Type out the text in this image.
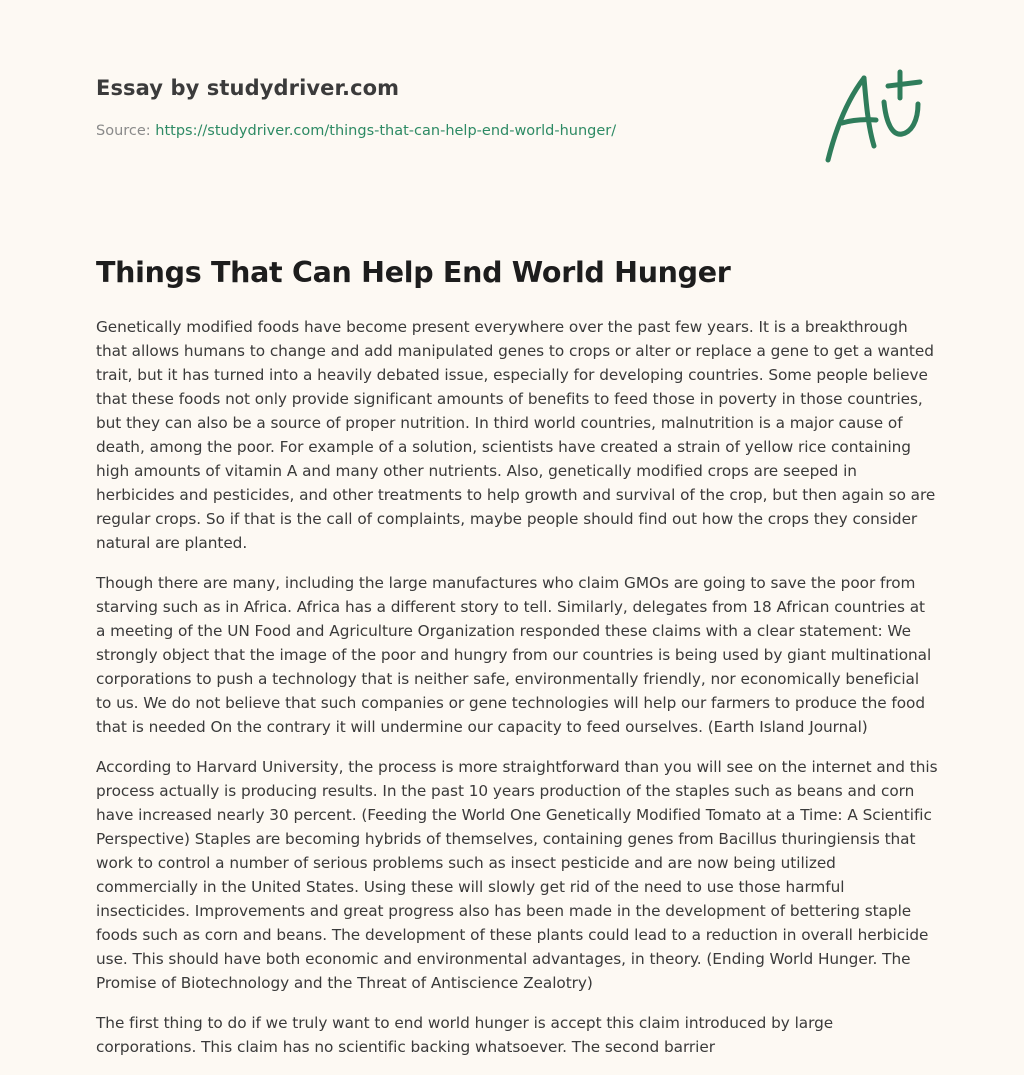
Essay by studydriver.com
Source: https://studydriver.com/things-that-can-help-end-world-hunger/
Things That Can Help End World Hunger

Genetically modified foods have become present everywhere over the past few years. It is a breakthrough that allows humans to change and add manipulated genes to crops or alter or replace a gene to get a wanted trait, but it has turned into a heavily debated issue, especially for developing countries. Some people believe that these foods not only provide significant amounts of benefits to feed those in poverty in those countries, but they can also be a source of proper nutrition. In third world countries, malnutrition is a major cause of death, among the poor. For example of a solution, scientists have created a strain of yellow rice containing high amounts of vitamin A and many other nutrients. Also, genetically modified crops are seeped in herbicides and pesticides, and other treatments to help growth and survival of the crop, but then again so are regular crops. So if that is the call of complaints, maybe people should find out how the crops they consider natural are planted.

Though there are many, including the large manufactures who claim GMOs are going to save the poor from starving such as in Africa. Africa has a different story to tell. Similarly, delegates from 18 African countries at a meeting of the UN Food and Agriculture Organization responded these claims with a clear statement: We strongly object that the image of the poor and hungry from our countries is being used by giant multinational corporations to push a technology that is neither safe, environmentally friendly, nor economically beneficial to us. We do not believe that such companies or gene technologies will help our farmers to produce the food that is needed On the contrary it will undermine our capacity to feed ourselves. (Earth Island Journal)

According to Harvard University, the process is more straightforward than you will see on the internet and this process actually is producing results. In the past 10 years production of the staples such as beans and corn have increased nearly 30 percent. (Feeding the World One Genetically Modified Tomato at a Time: A Scientific Perspective) Staples are becoming hybrids of themselves, containing genes from Bacillus thuringiensis that work to control a number of serious problems such as insect pesticide and are now being utilized commercially in the United States. Using these will slowly get rid of the need to use those harmful insecticides. Improvements and great progress also has been made in the development of bettering staple foods such as corn and beans. The development of these plants could lead to a reduction in overall herbicide use. This should have both economic and environmental advantages, in theory. (Ending World Hunger. The Promise of Biotechnology and the Threat of Antiscience Zealotry)

The first thing to do if we truly want to end world hunger is accept this claim introduced by large corporations. This claim has no scientific backing whatsoever. The second barrier
